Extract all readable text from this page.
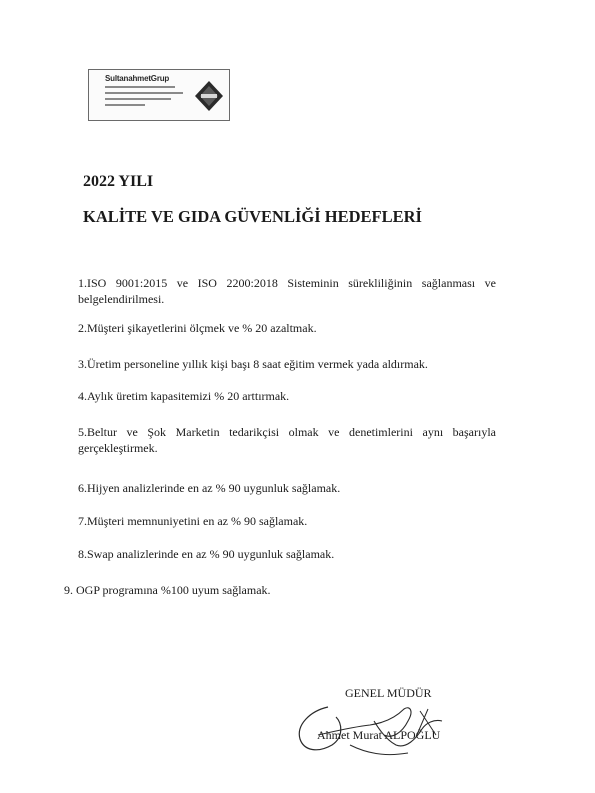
SultanahmetGrup
2022 YILI
KALİTE VE GIDA GÜVENLİĞİ HEDEFLERİ
1.ISO 9001:2015 ve ISO 2200:2018 Sisteminin sürekliliğinin sağlanması ve
belgelendirilmesi.
2.Müşteri şikayetlerini ölçmek ve % 20 azaltmak.
3.Üretim personeline yıllık kişi başı 8 saat eğitim vermek yada aldırmak.
4.Aylık üretim kapasitemizi % 20 arttırmak.
5.Beltur ve Şok Marketin tedarikçisi olmak ve denetimlerini aynı başarıyla
gerçekleştirmek.
6.Hijyen analizlerinde en az % 90 uygunluk sağlamak.
7.Müşteri memnuniyetini en az % 90 sağlamak.
8.Swap analizlerinde en az % 90 uygunluk sağlamak.
9. OGP programına %100 uyum sağlamak.
GENEL MÜDÜR
Ahmet Murat ALPOĞLU
